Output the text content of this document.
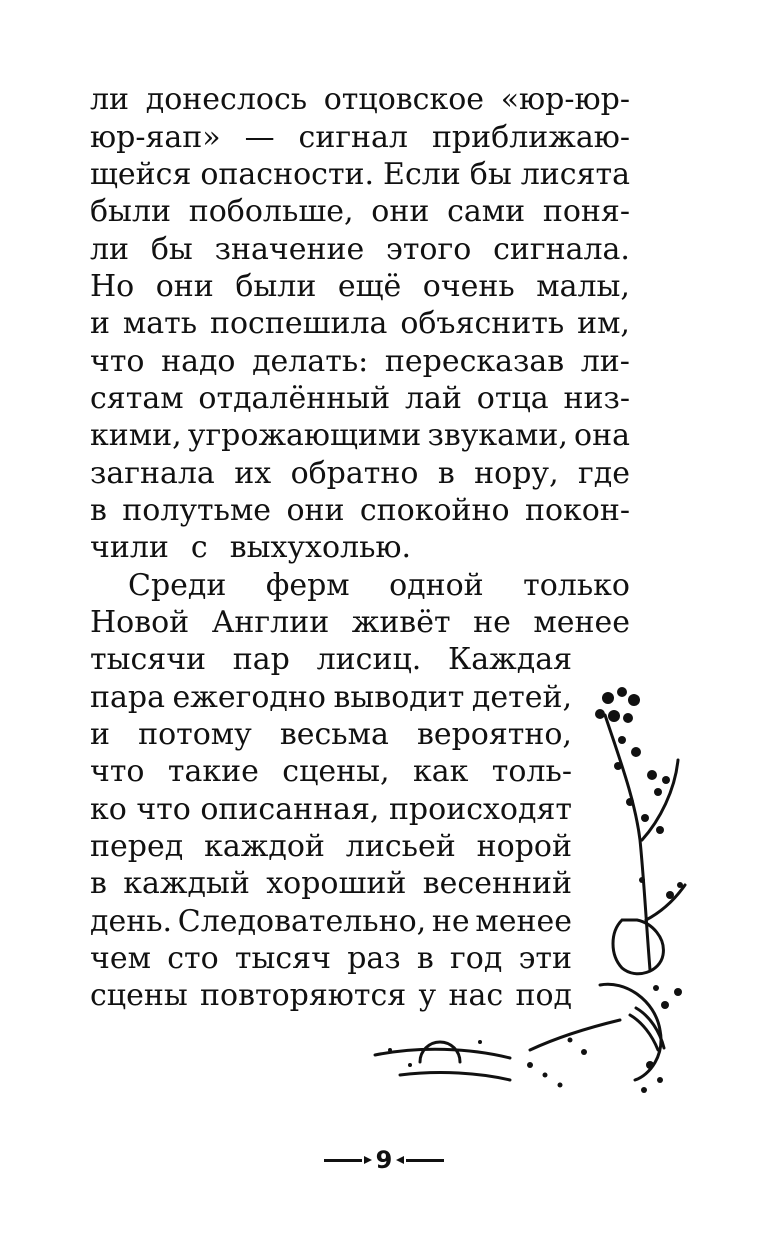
ли донеслось отцовское «юр-юр-
юр-яап» — сигнал приближаю-
щейся опасности. Если бы лисята
были побольше, они сами поня-
ли бы значение этого сигнала.
Но они были ещё очень малы,
и мать поспешила объяснить им,
что надо делать: пересказав ли-
сятам отдалённый лай отца низ-
кими, угрожающими звуками, она
загнала их обратно в нору, где
в полутьме они спокойно покон-
чили с выхухолью.
Среди ферм одной только
Новой Англии живёт не менее
тысячи пар лисиц. Каждая
пара ежегодно выводит детей,
и потому весьма вероятно,
что такие сцены, как толь-
ко что описанная, происходят
перед каждой лисьей норой
в каждый хороший весенний
день. Следовательно, не менее
чем сто тысяч раз в год эти
сцены повторяются у нас под
9
